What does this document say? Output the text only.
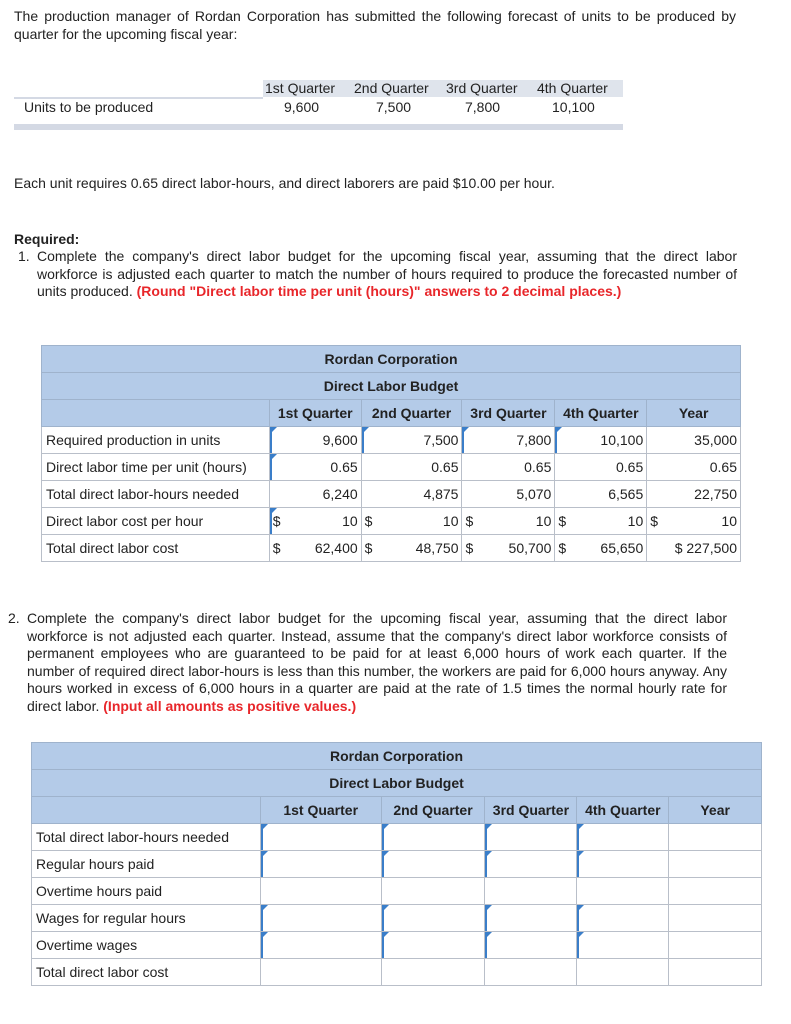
The production manager of Rordan Corporation has submitted the following forecast of units to be produced by quarter for the upcoming fiscal year:
1st Quarter 2nd Quarter 3rd Quarter 4th Quarter
Units to be produced	9,600	7,500	7,800	10,100
Each unit requires 0.65 direct labor-hours, and direct laborers are paid $10.00 per hour.
Required:
1. Complete the company's direct labor budget for the upcoming fiscal year, assuming that the direct labor workforce is adjusted each quarter to match the number of hours required to produce the forecasted number of units produced. (Round "Direct labor time per unit (hours)" answers to 2 decimal places.)
Rordan Corporation					
Direct Labor Budget					
	1st Quarter	2nd Quarter	3rd Quarter	4th Quarter	Year
Required production in units	9,600	7,500	7,800	10,100	35,000
Direct labor time per unit (hours)	0.65	0.65	0.65	0.65	0.65
Total direct labor-hours needed	6,240	4,875	5,070	6,565	22,750
Direct labor cost per hour	$ 10	$ 10	$ 10	$ 10	$ 10
Total direct labor cost	$ 62,400	$ 48,750	$ 50,700	$ 65,650	$ 227,500
2. Complete the company's direct labor budget for the upcoming fiscal year, assuming that the direct labor workforce is not adjusted each quarter. Instead, assume that the company's direct labor workforce consists of permanent employees who are guaranteed to be paid for at least 6,000 hours of work each quarter. If the number of required direct labor-hours is less than this number, the workers are paid for 6,000 hours anyway. Any hours worked in excess of 6,000 hours in a quarter are paid at the rate of 1.5 times the normal hourly rate for direct labor. (Input all amounts as positive values.)
Rordan Corporation					
Direct Labor Budget					
	1st Quarter	2nd Quarter	3rd Quarter	4th Quarter	Year
Total direct labor-hours needed					
Regular hours paid					
Overtime hours paid					
Wages for regular hours					
Overtime wages					
Total direct labor cost					
